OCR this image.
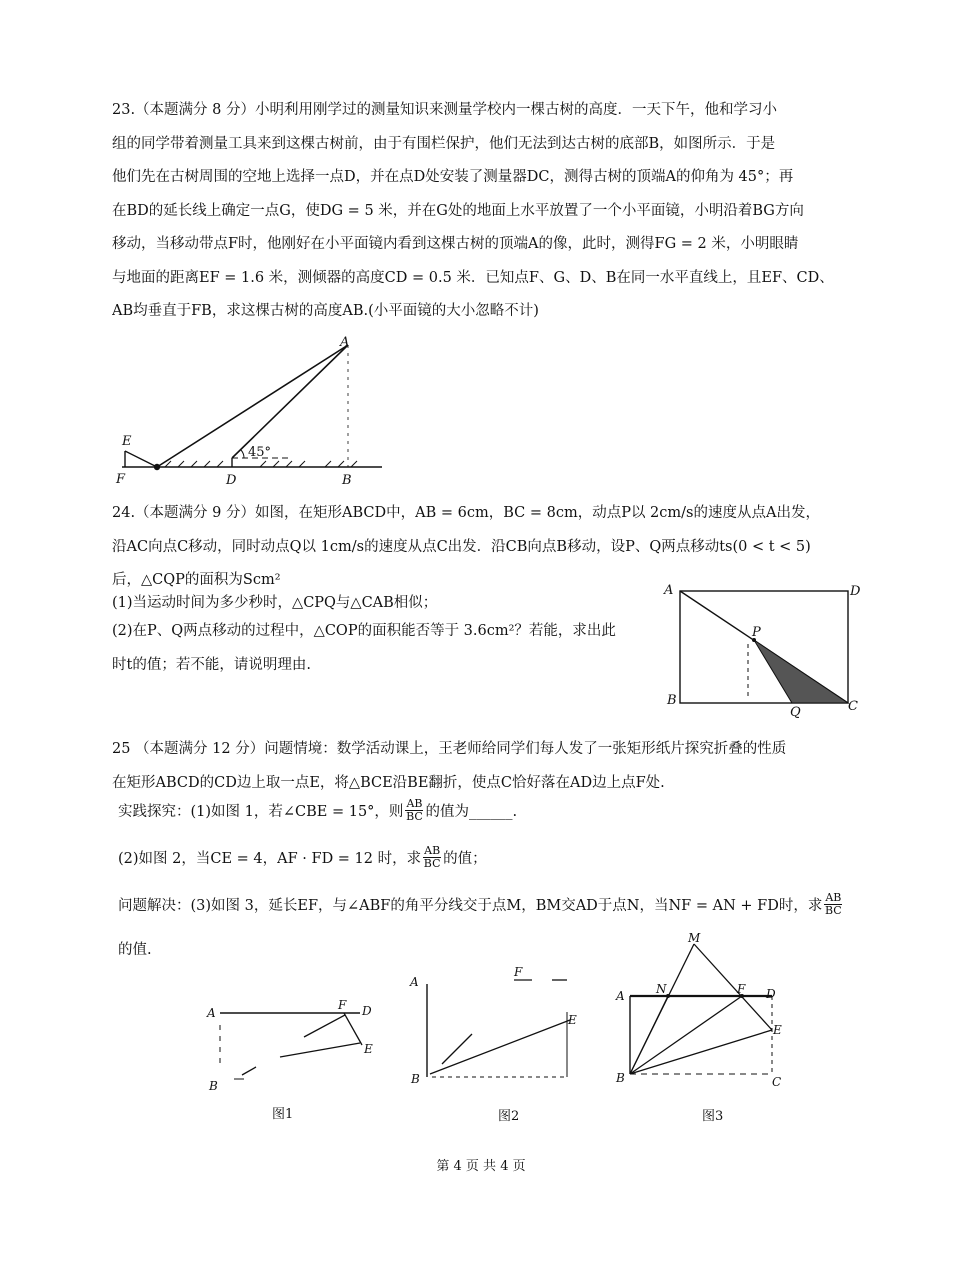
23.（本题满分 8 分）小明利用刚学过的测量知识来测量学校内一棵古树的高度．一天下午，他和学习小
组的同学带着测量工具来到这棵古树前，由于有围栏保护，他们无法到达古树的底部B，如图所示．于是
他们先在古树周围的空地上选择一点D，并在点D处安装了测量器DC，测得古树的顶端A的仰角为 45°；再
在BD的延长线上确定一点G，使DG = 5 米，并在G处的地面上水平放置了一个小平面镜，小明沿着BG方向
移动，当移动带点F时，他刚好在小平面镜内看到这棵古树的顶端A的像，此时，测得FG = 2 米，小明眼睛
与地面的距离EF = 1.6 米，测倾器的高度CD = 0.5 米．已知点F、G、D、B在同一水平直线上，且EF、CD、
AB均垂直于FB，求这棵古树的高度AB.(小平面镜的大小忽略不计)
A
E
F	D	B
45°
24.（本题满分 9 分）如图，在矩形ABCD中，AB = 6cm，BC = 8cm，动点P以 2cm/s的速度从点A出发，
沿AC向点C移动，同时动点Q以 1cm/s的速度从点C出发．沿CB向点B移动，设P、Q两点移动ts(0 < t < 5)
后，△CQP的面积为Scm²
(1)当运动时间为多少秒时，△CPQ与△CAB相似；
(2)在P、Q两点移动的过程中，△COP的面积能否等于 3.6cm²？若能，求出此
时t的值；若不能，请说明理由.
A	D
P
B
Q	C
25 （本题满分 12 分）问题情境：数学活动课上，王老师给同学们每人发了一张矩形纸片探究折叠的性质
在矩形ABCD的CD边上取一点E，将△BCE沿BE翻折，使点C恰好落在AD边上点F处.
实践探究：(1)如图 1，若∠CBE = 15°，则 $\frac{AB}{BC}$ 的值为______.
(2)如图 2，当CE = 4，AF · FD = 12 时，求 $\frac{AB}{BC}$ 的值；
问题解决：(3)如图 3，延长EF，与∠ABF的角平分线交于点M，BM交AD于点N，当NF = AN + FD时，求 $\frac{AB}{BC}$
的值.
A
F D
E
B
图1
A
F
E
B
图2
M
A	N	F D
E
B	C
图3
第 4 页 共 4 页
